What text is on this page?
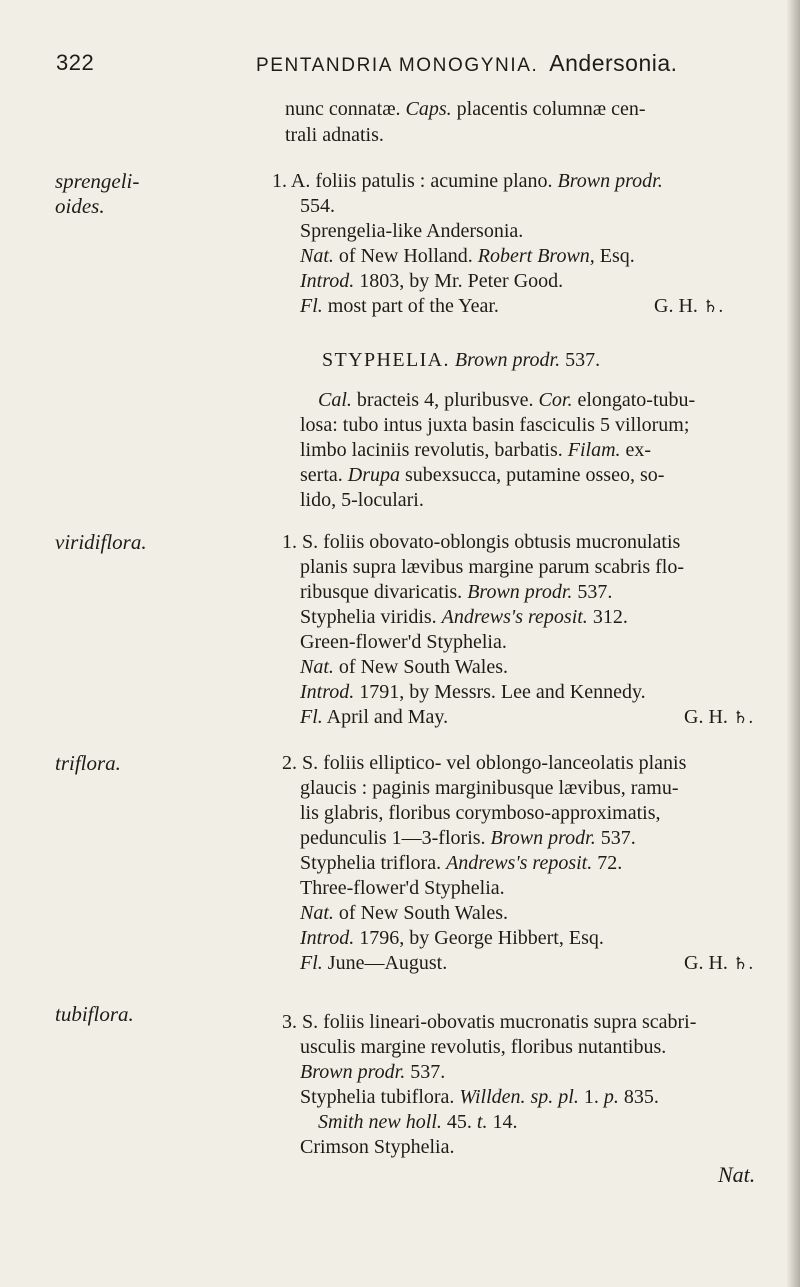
322	PENTANDRIA MONOGYNIA. Andersonia.
nunc connatæ. Caps. placentis columnæ cen-
trali adnatis.
sprengeli-
oides.
1. A. foliis patulis : acumine plano. Brown prodr.
554.
Sprengelia-like Andersonia.
Nat. of New Holland. Robert Brown, Esq.
Introd. 1803, by Mr. Peter Good.
Fl. most part of the Year.	G. H. ♄.
STYPHELIA. Brown prodr. 537.
Cal. bracteis 4, pluribusve. Cor. elongato-tubu-
losa: tubo intus juxta basin fasciculis 5 villorum;
limbo laciniis revolutis, barbatis. Filam. ex-
serta. Drupa subexsucca, putamine osseo, so-
lido, 5-loculari.
viridiflora.	1. S. foliis obovato-oblongis obtusis mucronulatis
planis supra lævibus margine parum scabris flo-
ribusque divaricatis. Brown prodr. 537.
Styphelia viridis. Andrews's reposit. 312.
Green-flower'd Styphelia.
Nat. of New South Wales.
Introd. 1791, by Messrs. Lee and Kennedy.
Fl. April and May.	G. H. ♄.
triflora.	2. S. foliis elliptico- vel oblongo-lanceolatis planis
glaucis : paginis marginibusque lævibus, ramu-
lis glabris, floribus corymboso-approximatis,
pedunculis 1—3-floris. Brown prodr. 537.
Styphelia triflora. Andrews's reposit. 72.
Three-flower'd Styphelia.
Nat. of New South Wales.
Introd. 1796, by George Hibbert, Esq.
Fl. June—August.	G. H. ♄.
tubiflora.	3. S. foliis lineari-obovatis mucronatis supra scabri-
usculis margine revolutis, floribus nutantibus.
Brown prodr. 537.
Styphelia tubiflora. Willden. sp. pl. 1. p. 835.
Smith new holl. 45. t. 14.
Crimson Styphelia.
Nat.
